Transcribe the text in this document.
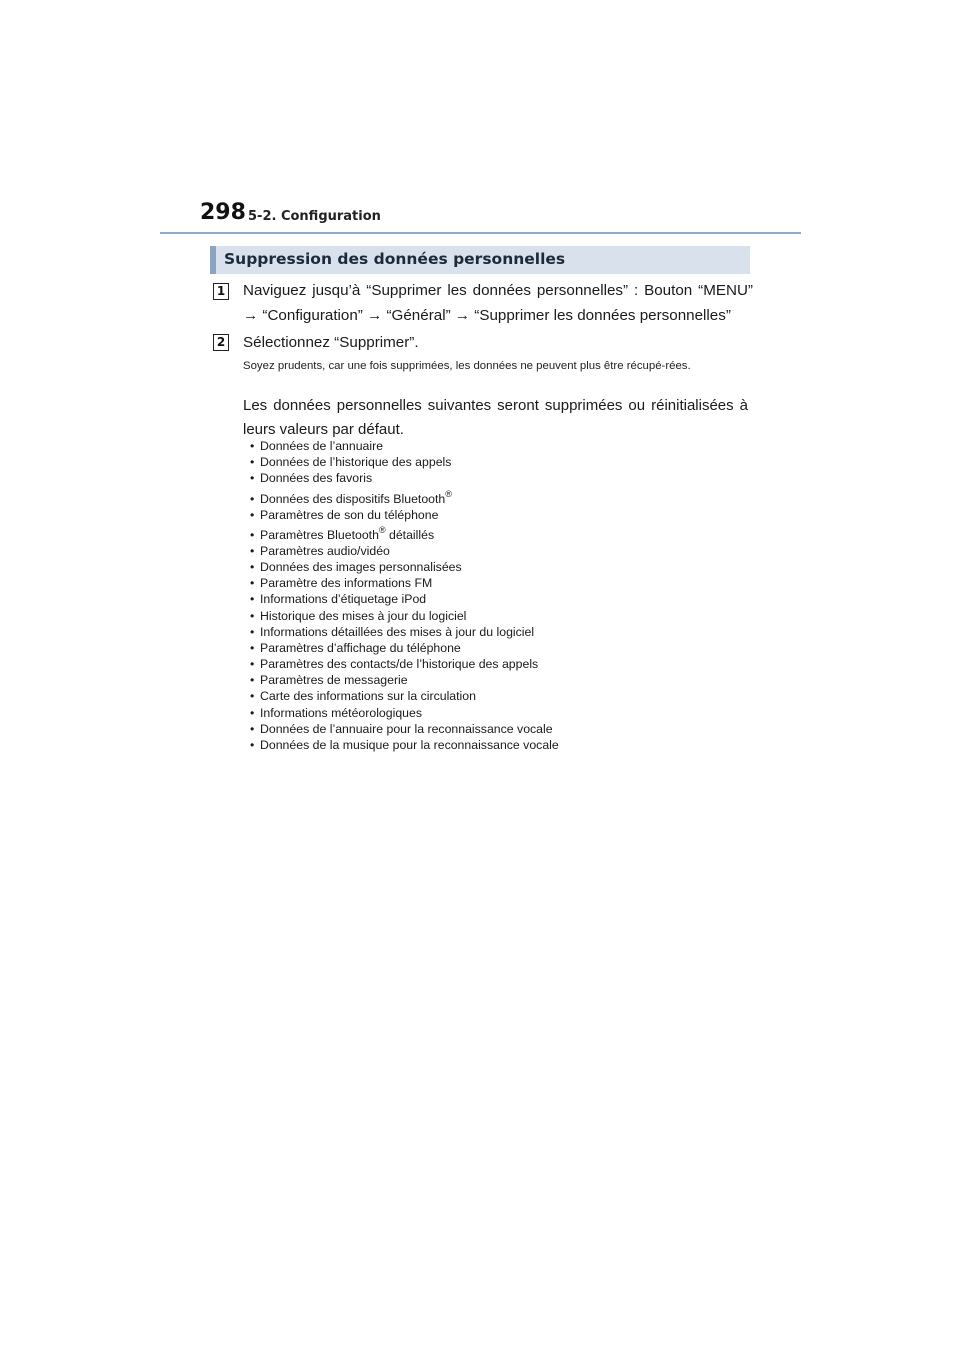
298 5-2. Configuration
Suppression des données personnelles
1 Naviguez jusqu’à “Supprimer les données personnelles” : Bouton “MENU”
→ “Configuration” → “Général” → “Supprimer les données personnelles”
2 Sélectionnez “Supprimer”.
Soyez prudents, car une fois supprimées, les données ne peuvent plus être récupé-rées.
Les données personnelles suivantes seront supprimées ou réinitialisées à leurs valeurs par défaut.
• Données de l’annuaire
• Données de l’historique des appels
• Données des favoris
• Données des dispositifs Bluetooth®
• Paramètres de son du téléphone
• Paramètres Bluetooth® détaillés
• Paramètres audio/vidéo
• Données des images personnalisées
• Paramètre des informations FM
• Informations d’étiquetage iPod
• Historique des mises à jour du logiciel
• Informations détaillées des mises à jour du logiciel
• Paramètres d’affichage du téléphone
• Paramètres des contacts/de l’historique des appels
• Paramètres de messagerie
• Carte des informations sur la circulation
• Informations météorologiques
• Données de l’annuaire pour la reconnaissance vocale
• Données de la musique pour la reconnaissance vocale
